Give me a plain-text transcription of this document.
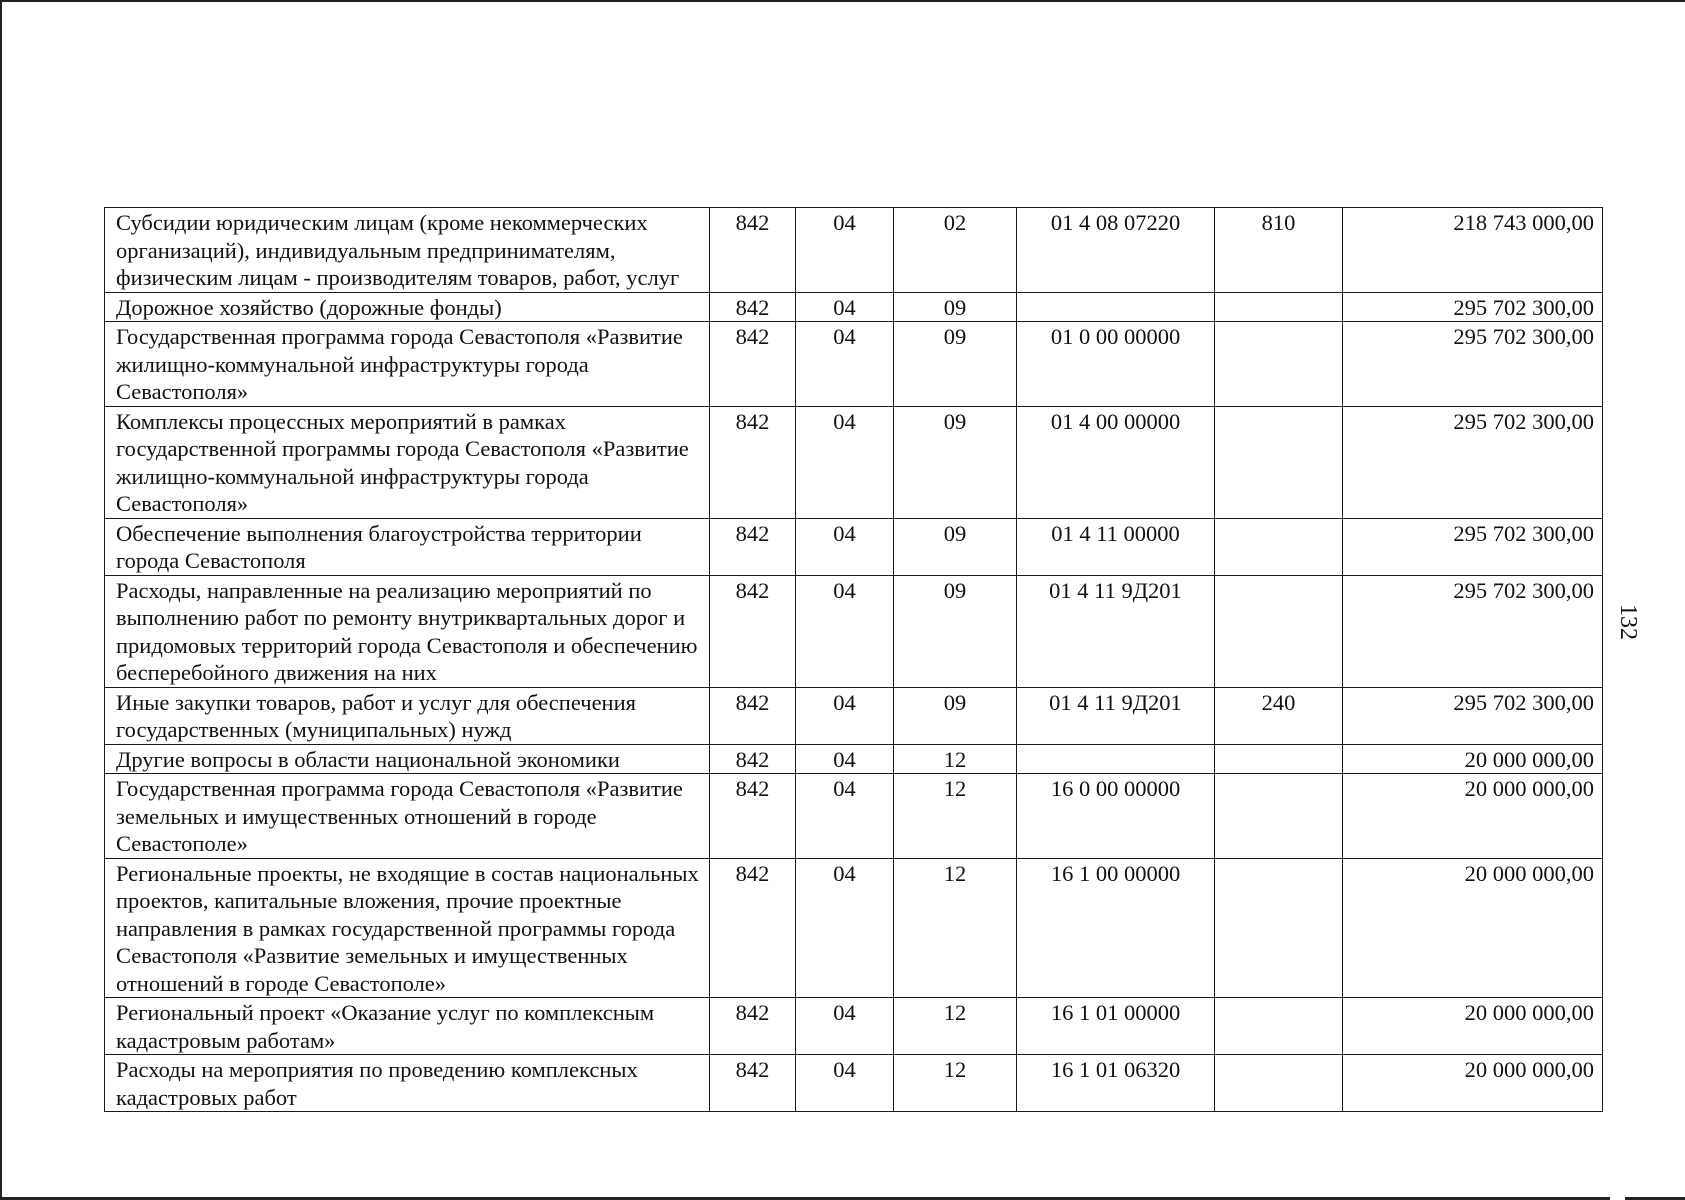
Субсидии юридическим лицам (кроме некоммерческих организаций), индивидуальным предпринимателям, физическим лицам - производителям товаров, работ, услуг	842	04	02	01 4 08 07220	810	218 743 000,00
Дорожное хозяйство (дорожные фонды)	842	04	09			295 702 300,00
Государственная программа города Севастополя «Развитие жилищно-коммунальной инфраструктуры города Севастополя»	842	04	09	01 0 00 00000		295 702 300,00
Комплексы процессных мероприятий в рамках государственной программы города Севастополя «Развитие жилищно-коммунальной инфраструктуры города Севастополя»	842	04	09	01 4 00 00000		295 702 300,00
Обеспечение выполнения благоустройства территории города Севастополя	842	04	09	01 4 11 00000		295 702 300,00
Расходы, направленные на реализацию мероприятий по выполнению работ по ремонту внутриквартальных дорог и придомовых территорий города Севастополя и обеспечению бесперебойного движения на них	842	04	09	01 4 11 9Д201		295 702 300,00
Иные закупки товаров, работ и услуг для обеспечения государственных (муниципальных) нужд	842	04	09	01 4 11 9Д201	240	295 702 300,00
Другие вопросы в области национальной экономики	842	04	12			20 000 000,00
Государственная программа города Севастополя «Развитие земельных и имущественных отношений в городе Севастополе»	842	04	12	16 0 00 00000		20 000 000,00
Региональные проекты, не входящие в состав национальных проектов, капитальные вложения, прочие проектные направления в рамках государственной программы города Севастополя «Развитие земельных и имущественных отношений в городе Севастополе»	842	04	12	16 1 00 00000		20 000 000,00
Региональный проект «Оказание услуг по комплексным кадастровым работам»	842	04	12	16 1 01 00000		20 000 000,00
Расходы на мероприятия по проведению комплексных кадастровых работ	842	04	12	16 1 01 06320		20 000 000,00
132
